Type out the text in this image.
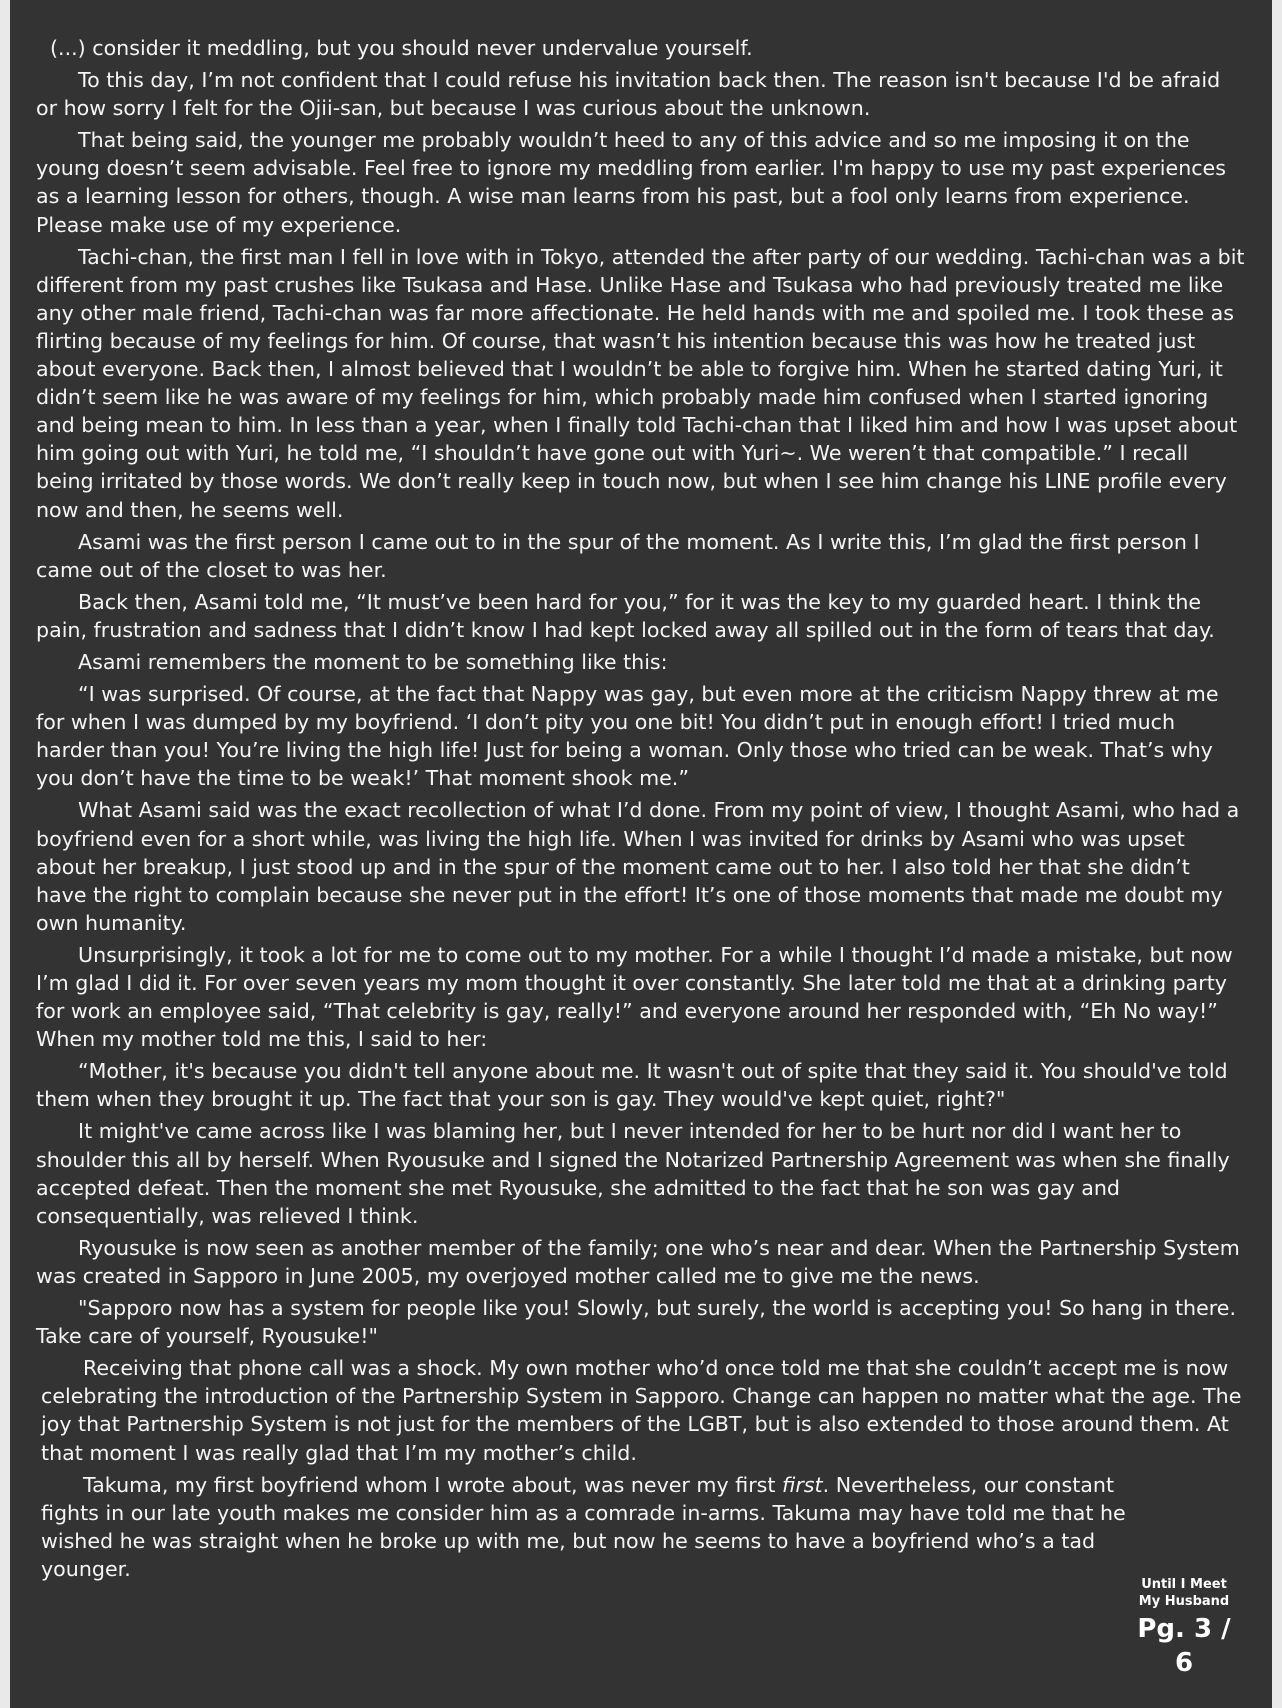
(...) consider it meddling, but you should never undervalue yourself.

To this day, I’m not confident that I could refuse his invitation back then. The reason isn't because I'd be afraid or how sorry I felt for the Ojii-san, but because I was curious about the unknown.

That being said, the younger me probably wouldn’t heed to any of this advice and so me imposing it on the young doesn’t seem advisable. Feel free to ignore my meddling from earlier. I'm happy to use my past experiences as a learning lesson for others, though. A wise man learns from his past, but a fool only learns from experience. Please make use of my experience.

Tachi-chan, the first man I fell in love with in Tokyo, attended the after party of our wedding. Tachi-chan was a bit different from my past crushes like Tsukasa and Hase. Unlike Hase and Tsukasa who had previously treated me like any other male friend, Tachi-chan was far more affectionate. He held hands with me and spoiled me. I took these as flirting because of my feelings for him. Of course, that wasn’t his intention because this was how he treated just about everyone. Back then, I almost believed that I wouldn’t be able to forgive him. When he started dating Yuri, it didn’t seem like he was aware of my feelings for him, which probably made him confused when I started ignoring and being mean to him. In less than a year, when I finally told Tachi-chan that I liked him and how I was upset about him going out with Yuri, he told me, “I shouldn’t have gone out with Yuri~. We weren’t that compatible.” I recall being irritated by those words. We don’t really keep in touch now, but when I see him change his LINE profile every now and then, he seems well.

Asami was the first person I came out to in the spur of the moment. As I write this, I’m glad the first person I came out of the closet to was her.

Back then, Asami told me, “It must’ve been hard for you,” for it was the key to my guarded heart. I think the pain, frustration and sadness that I didn’t know I had kept locked away all spilled out in the form of tears that day.

Asami remembers the moment to be something like this:

“I was surprised. Of course, at the fact that Nappy was gay, but even more at the criticism Nappy threw at me for when I was dumped by my boyfriend. ‘I don’t pity you one bit! You didn’t put in enough effort! I tried much harder than you! You’re living the high life! Just for being a woman. Only those who tried can be weak. That’s why you don’t have the time to be weak!’ That moment shook me.”

What Asami said was the exact recollection of what I’d done. From my point of view, I thought Asami, who had a boyfriend even for a short while, was living the high life. When I was invited for drinks by Asami who was upset about her breakup, I just stood up and in the spur of the moment came out to her. I also told her that she didn’t have the right to complain because she never put in the effort! It’s one of those moments that made me doubt my own humanity.

Unsurprisingly, it took a lot for me to come out to my mother. For a while I thought I’d made a mistake, but now I’m glad I did it. For over seven years my mom thought it over constantly. She later told me that at a drinking party for work an employee said, “That celebrity is gay, really!” and everyone around her responded with, “Eh No way!” When my mother told me this, I said to her:

“Mother, it's because you didn't tell anyone about me. It wasn't out of spite that they said it. You should've told them when they brought it up. The fact that your son is gay. They would've kept quiet, right?"

It might've came across like I was blaming her, but I never intended for her to be hurt nor did I want her to shoulder this all by herself. When Ryousuke and I signed the Notarized Partnership Agreement was when she finally accepted defeat. Then the moment she met Ryousuke, she admitted to the fact that he son was gay and consequentially, was relieved I think.

Ryousuke is now seen as another member of the family; one who’s near and dear. When the Partnership System was created in Sapporo in June 2005, my overjoyed mother called me to give me the news.

"Sapporo now has a system for people like you! Slowly, but surely, the world is accepting you! So hang in there. Take care of yourself, Ryousuke!"

Receiving that phone call was a shock. My own mother who’d once told me that she couldn’t accept me is now celebrating the introduction of the Partnership System in Sapporo. Change can happen no matter what the age. The joy that Partnership System is not just for the members of the LGBT, but is also extended to those around them. At that moment I was really glad that I’m my mother’s child.

Takuma, my first boyfriend whom I wrote about, was never my first first. Nevertheless, our constant fights in our late youth makes me consider him as a comrade in-arms. Takuma may have told me that he wished he was straight when he broke up with me, but now he seems to have a boyfriend who’s a tad younger.

Until I Meet
My Husband
Pg. 3 / 6
